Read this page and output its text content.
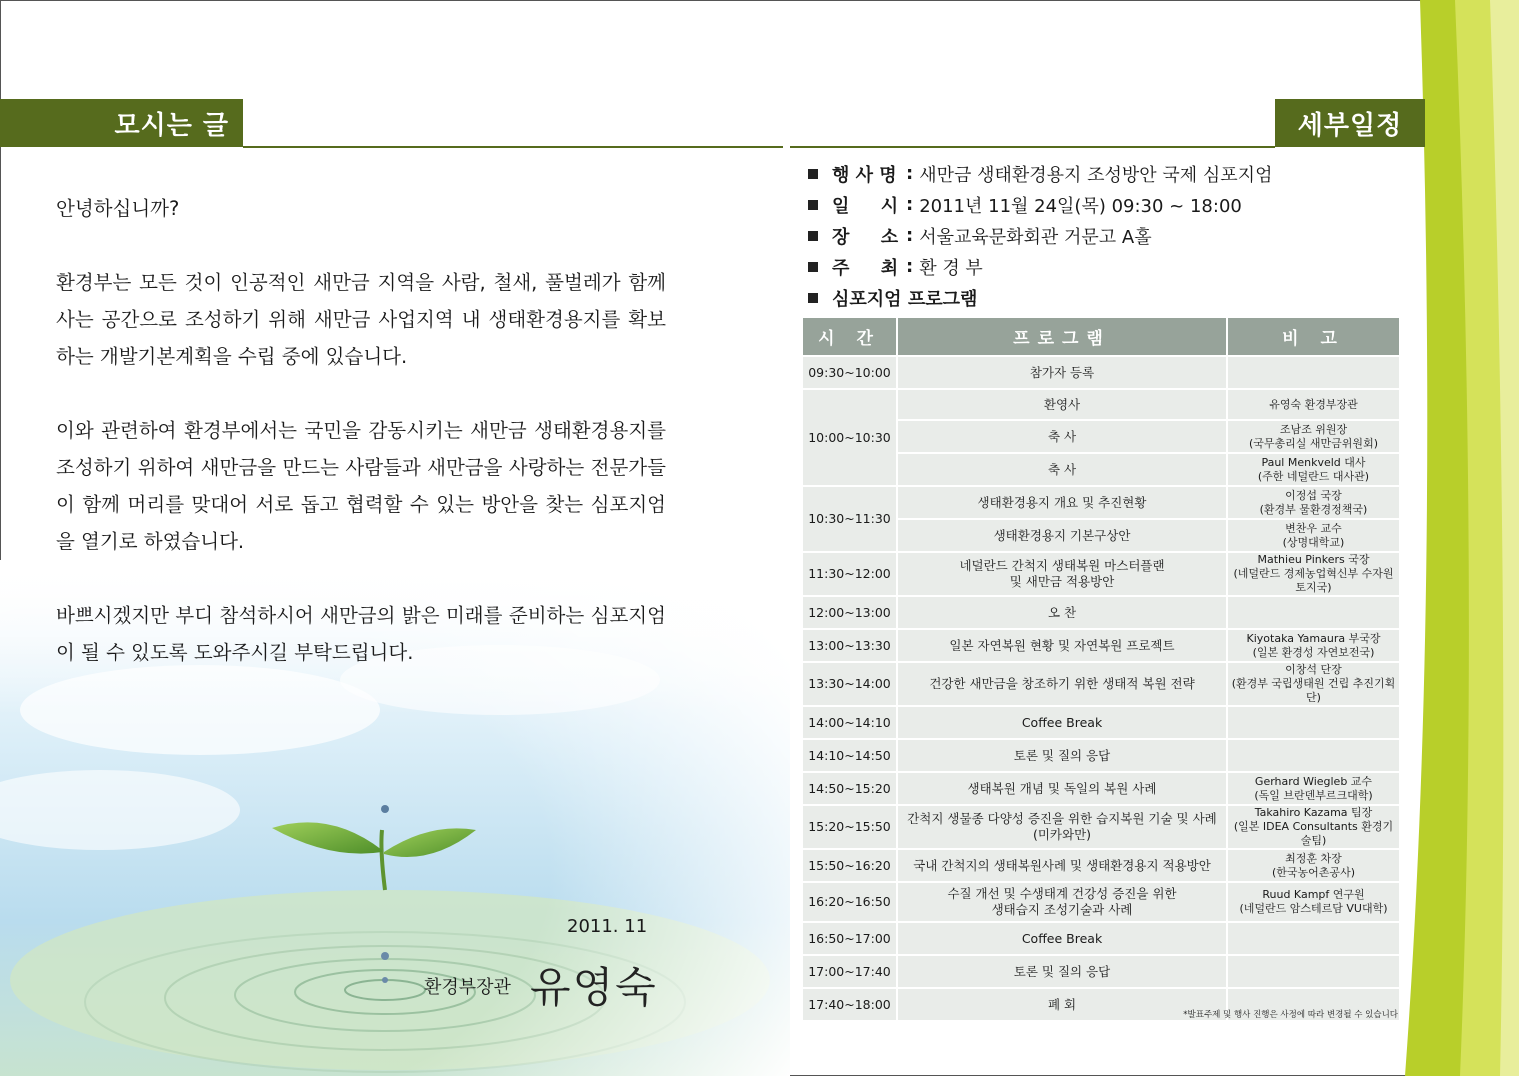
모시는 글

안녕하십니까?

환경부는 모든 것이 인공적인 새만금 지역을 사람, 철새, 풀벌레가 함께 사는 공간으로 조성하기 위해 새만금 사업지역 내 생태환경용지를 확보하는 개발기본계획을 수립 중에 있습니다.

이와 관련하여 환경부에서는 국민을 감동시키는 새만금 생태환경용지를 조성하기 위하여 새만금을 만드는 사람들과 새만금을 사랑하는 전문가들이 함께 머리를 맞대어 서로 돕고 협력할 수 있는 방안을 찾는 심포지엄을 열기로 하였습니다.

바쁘시겠지만 부디 참석하시어 새만금의 밝은 미래를 준비하는 심포지엄이 될 수 있도록 도와주시길 부탁드립니다.

2011. 11
환경부장관 유영숙
세부일정
행 사 명 : 새만금 생태환경용지 조성방안 국제 심포지엄
일     시 : 2011년 11월 24일(목) 09:30 ~ 18:00
장     소 : 서울교육문화회관 거문고 A홀
주     최 : 환 경 부
심포지엄 프로그램
시 간	프로그램	비 고
09:30~10:00	참가자 등록	
10:00~10:30	환영사	유영숙 환경부장관
	축 사	조남조 위원장
(국무총리실 새만금위원회)
	축 사	Paul Menkveld 대사
(주한 네덜란드 대사관)
10:30~11:30	생태환경용지 개요 및 추진현황	이정섭 국장
(환경부 물환경정책국)
	생태환경용지 기본구상안	변찬우 교수
(상명대학교)
11:30~12:00	네덜란드 간척지 생태복원 마스터플랜
및 새만금 적용방안	Mathieu Pinkers 국장
(네덜란드 경제농업혁신부 수자원토지국)
12:00~13:00	오 찬	
13:00~13:30	일본 자연복원 현황 및 자연복원 프로젝트	Kiyotaka Yamaura 부국장
(일본 환경성 자연보전국)
13:30~14:00	건강한 새만금을 창조하기 위한 생태적 복원 전략	이창석 단장
(환경부 국립생태원 건립 추진기획단)
14:00~14:10	Coffee Break	
14:10~14:50	토론 및 질의 응답	
14:50~15:20	생태복원 개념 및 독일의 복원 사례	Gerhard Wiegleb 교수
(독일 브란덴부르크대학)
15:20~15:50	간척지 생물종 다양성 증진을 위한 습지복원 기술 및 사례
(미카와만)	Takahiro Kazama 팀장
(일본 IDEA Consultants 환경기술팀)
15:50~16:20	국내 간척지의 생태복원사례 및 생태환경용지 적용방안	최정훈 차장
(한국농어촌공사)
16:20~16:50	수질 개선 및 수생태계 건강성 증진을 위한
생태습지 조성기술과 사례	Ruud Kampf 연구원
(네덜란드 암스테르담 VU대학)
16:50~17:00	Coffee Break	
17:00~17:40	토론 및 질의 응답	
17:40~18:00	폐 회	
*발표주제 및 행사 진행은 사정에 따라 변경될 수 있습니다
